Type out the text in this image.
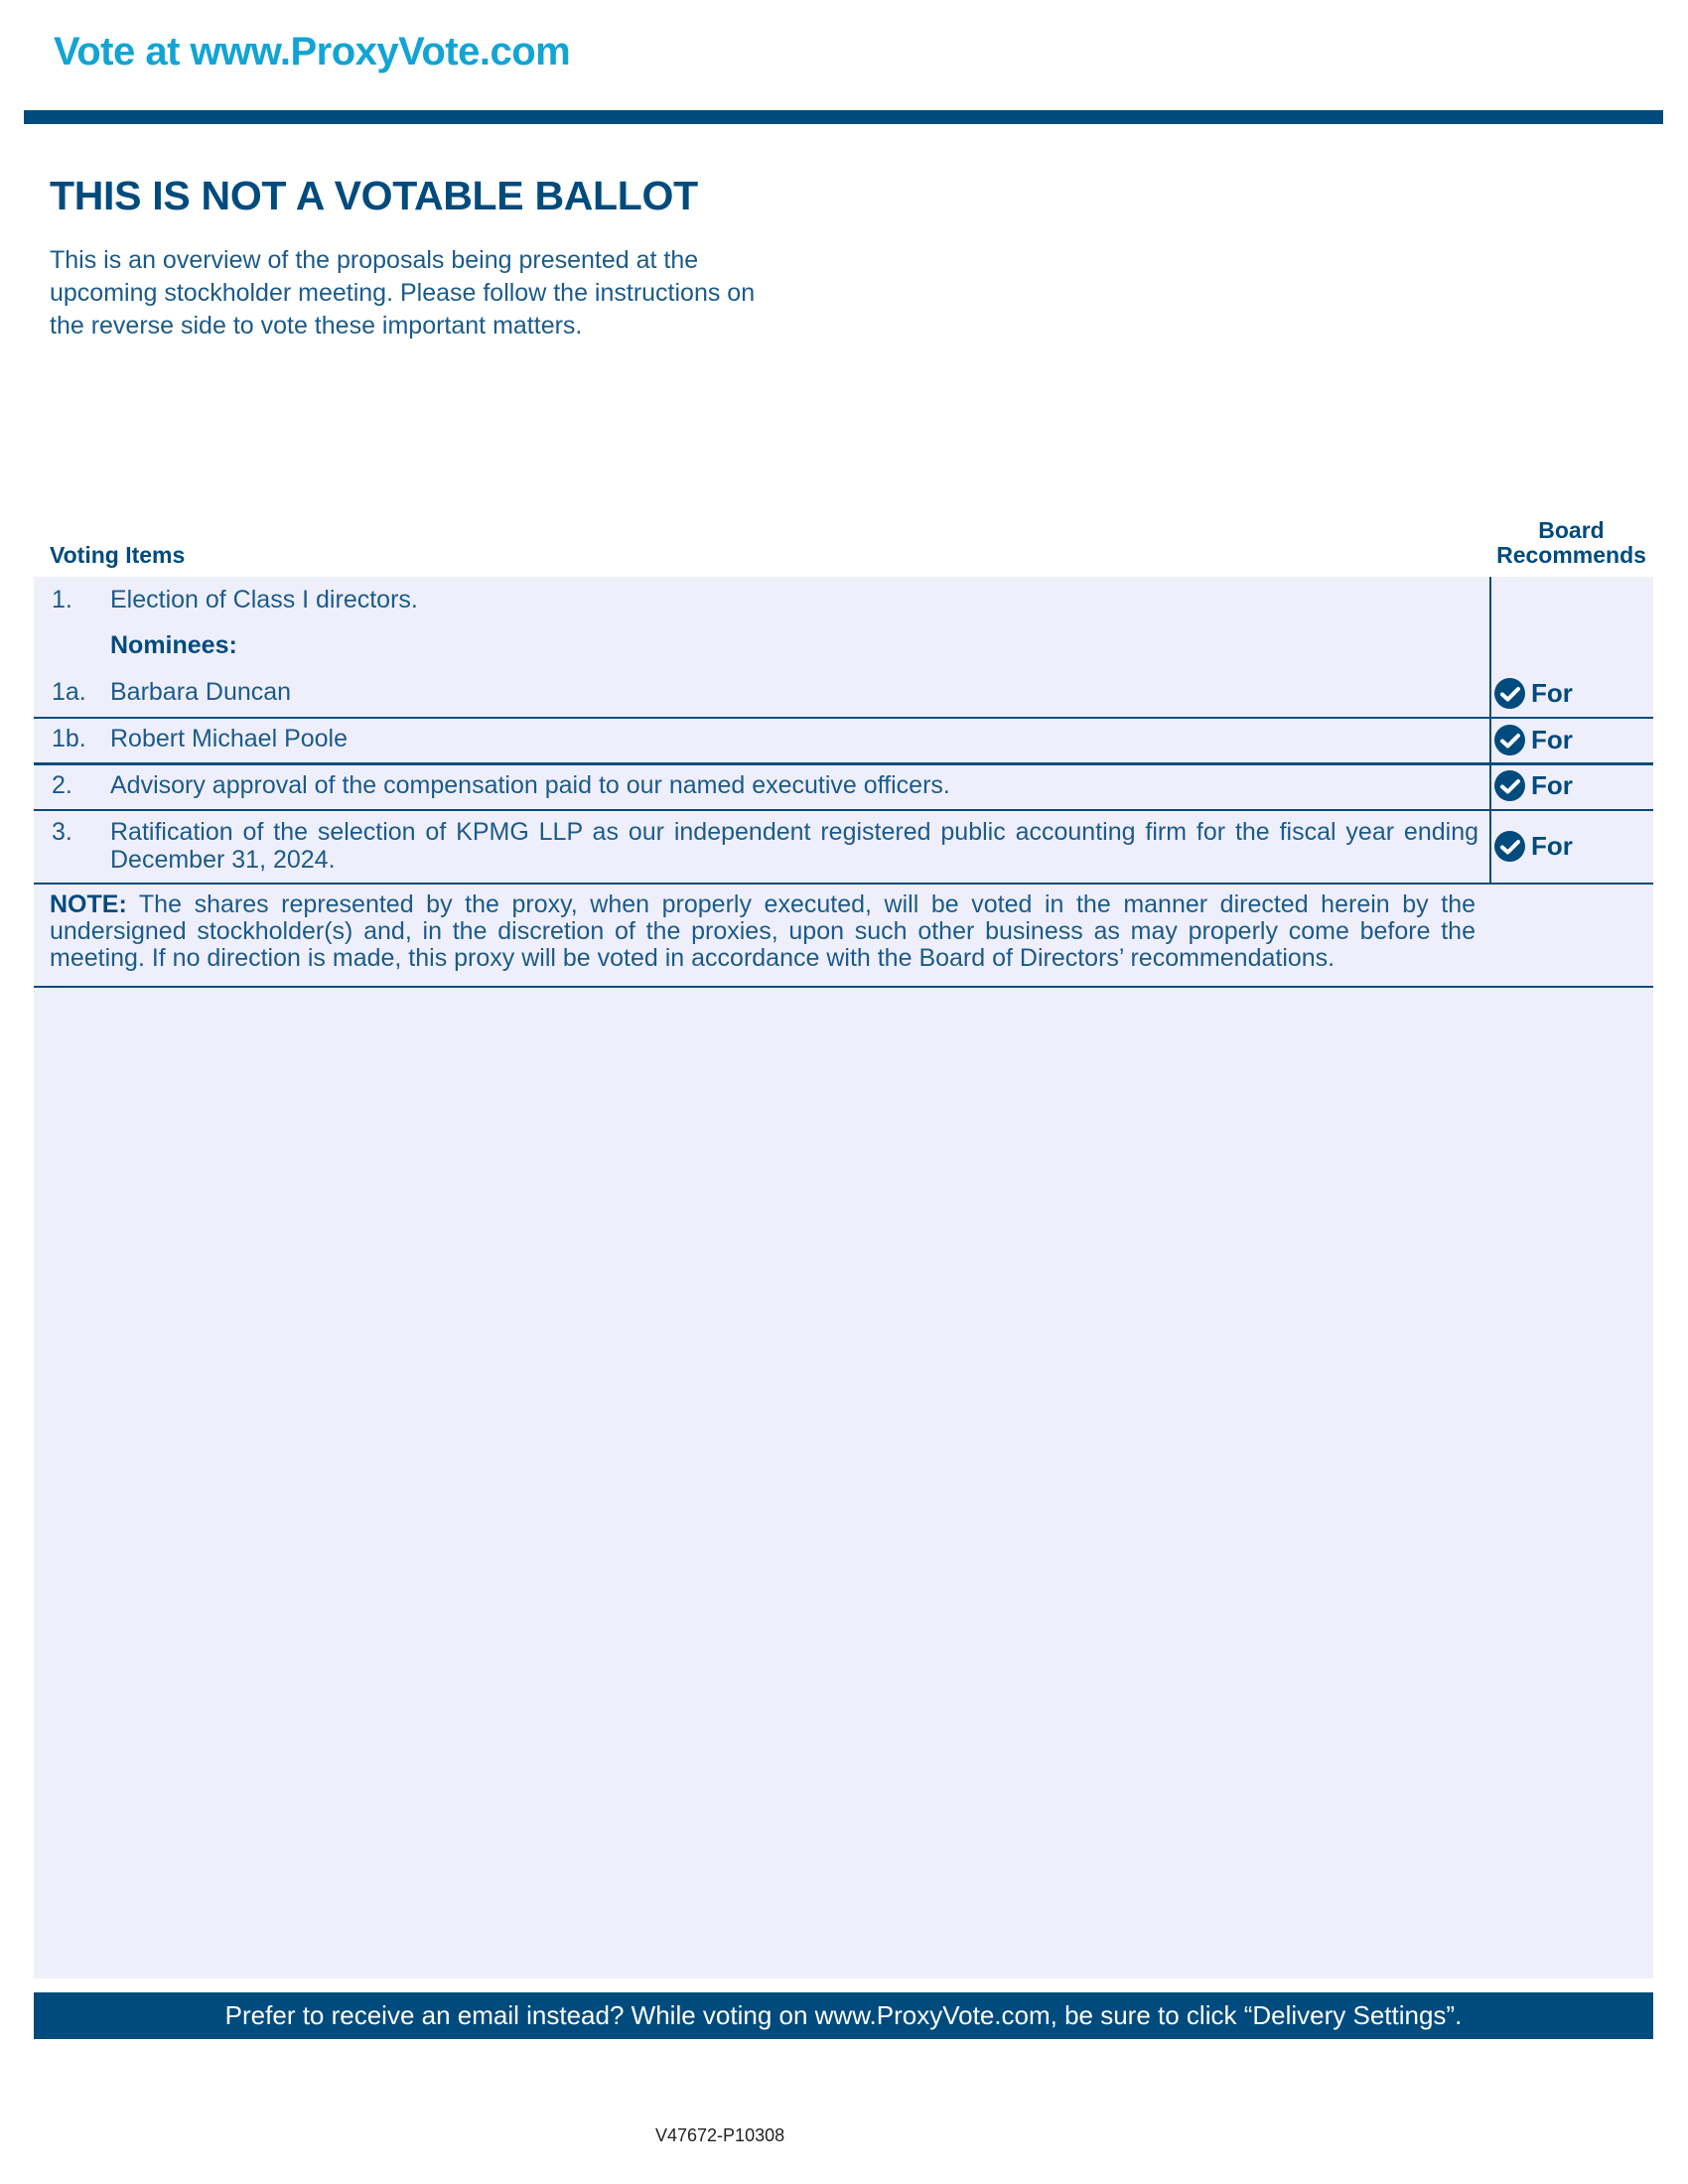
Vote at www.ProxyVote.com
THIS IS NOT A VOTABLE BALLOT
This is an overview of the proposals being presented at the
upcoming stockholder meeting. Please follow the instructions on
the reverse side to vote these important matters.
Voting Items
Board
Recommends
1. Election of Class I directors.
Nominees:
1a. Barbara Duncan	For
1b. Robert Michael Poole	For
2. Advisory approval of the compensation paid to our named executive officers.	For
3. Ratification of the selection of KPMG LLP as our independent registered public accounting firm for the fiscal year ending December 31, 2024.	For
NOTE: The shares represented by the proxy, when properly executed, will be voted in the manner directed herein by the undersigned stockholder(s) and, in the discretion of the proxies, upon such other business as may properly come before the meeting. If no direction is made, this proxy will be voted in accordance with the Board of Directors’ recommendations.
Prefer to receive an email instead? While voting on www.ProxyVote.com, be sure to click “Delivery Settings”.
V47672-P10308
